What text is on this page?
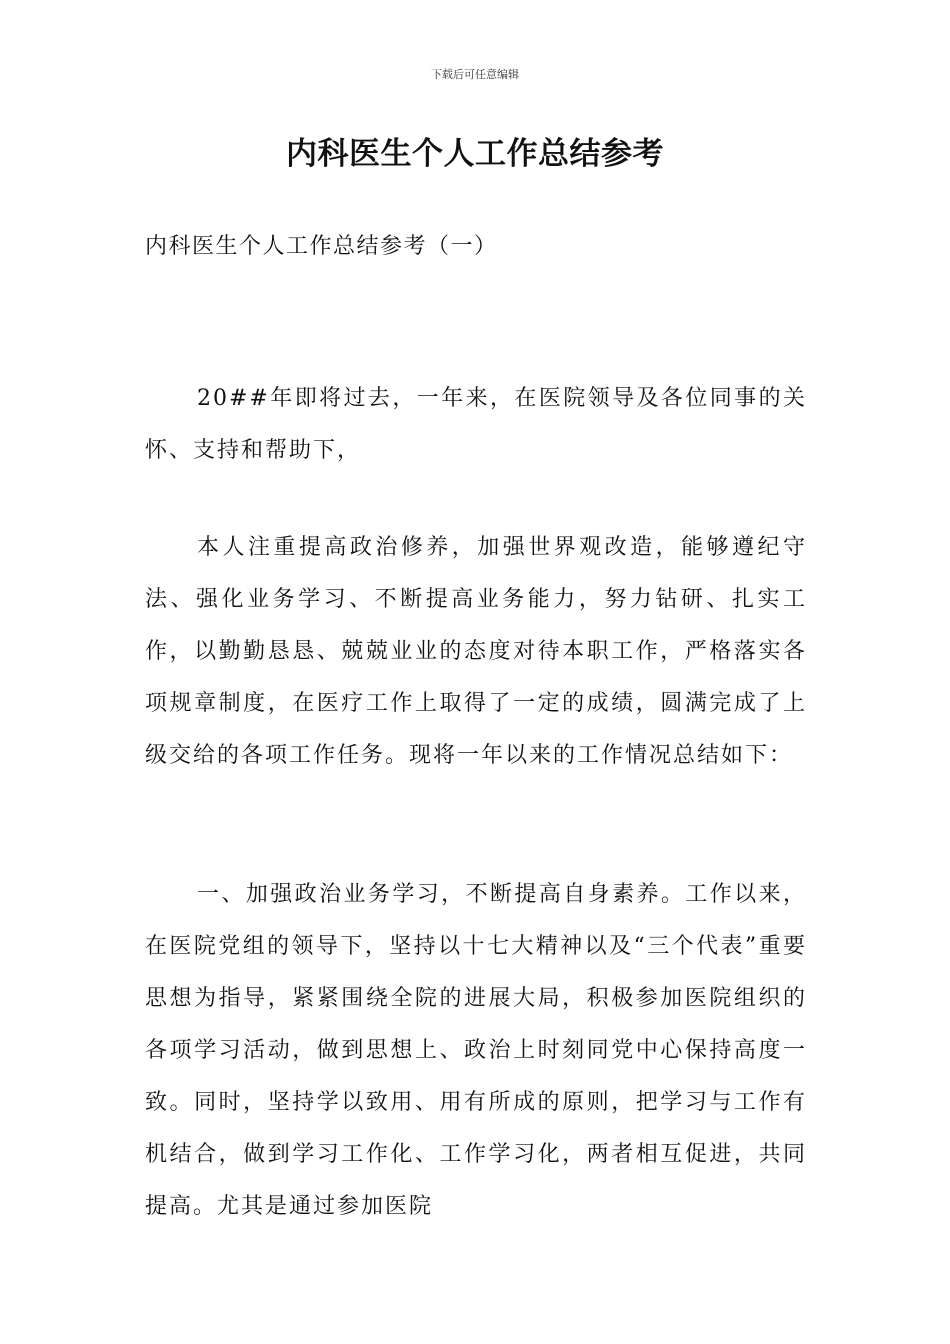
下载后可任意编辑
内科医生个人工作总结参考
内科医生个人工作总结参考（一）
20##年即将过去，一年来，在医院领导及各位同事的关怀、支持和帮助下，
本人注重提高政治修养，加强世界观改造，能够遵纪守法、强化业务学习、不断提高业务能力，努力钻研、扎实工作，以勤勤恳恳、兢兢业业的态度对待本职工作，严格落实各项规章制度，在医疗工作上取得了一定的成绩，圆满完成了上级交给的各项工作任务。现将一年以来的工作情况总结如下：
一、加强政治业务学习，不断提高自身素养。工作以来，在医院党组的领导下，坚持以十七大精神以及“三个代表”重要思想为指导，紧紧围绕全院的进展大局，积极参加医院组织的各项学习活动，做到思想上、政治上时刻同党中心保持高度一致。同时，坚持学以致用、用有所成的原则，把学习与工作有机结合，做到学习工作化、工作学习化，两者相互促进，共同提高。尤其是通过参加医院
